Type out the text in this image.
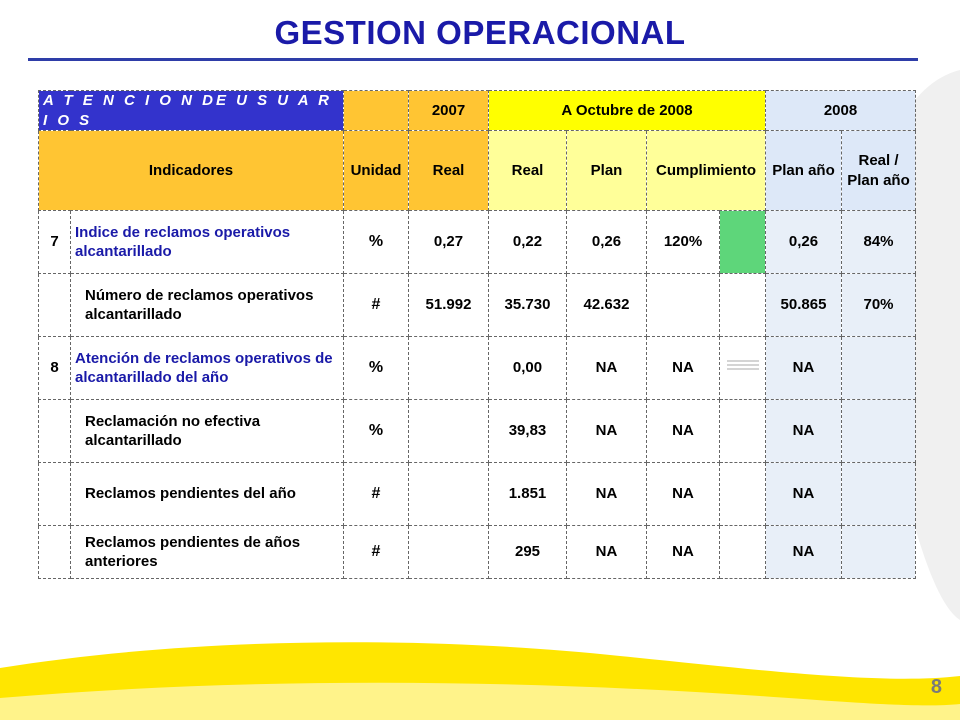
GESTION OPERACIONAL
A T E N C I O N DE U S U A R I O S			2007	A Octubre de 2008				2008	
Indicadores		Unidad	Real	Real	Plan	Cumplimiento		Plan año	Real / Plan año
7	Indice de reclamos operativos alcantarillado	%	0,27	0,22	0,26	120%		0,26	84%
	Número de reclamos operativos alcantarillado	#	51.992	35.730	42.632			50.865	70%
8	Atención de reclamos operativos de alcantarillado del año	%		0,00	NA	NA		NA	
	Reclamación no efectiva alcantarillado	%		39,83	NA	NA		NA	
	Reclamos pendientes del año	#		1.851	NA	NA		NA	
	Reclamos pendientes de años anteriores	#		295	NA	NA		NA	
8
